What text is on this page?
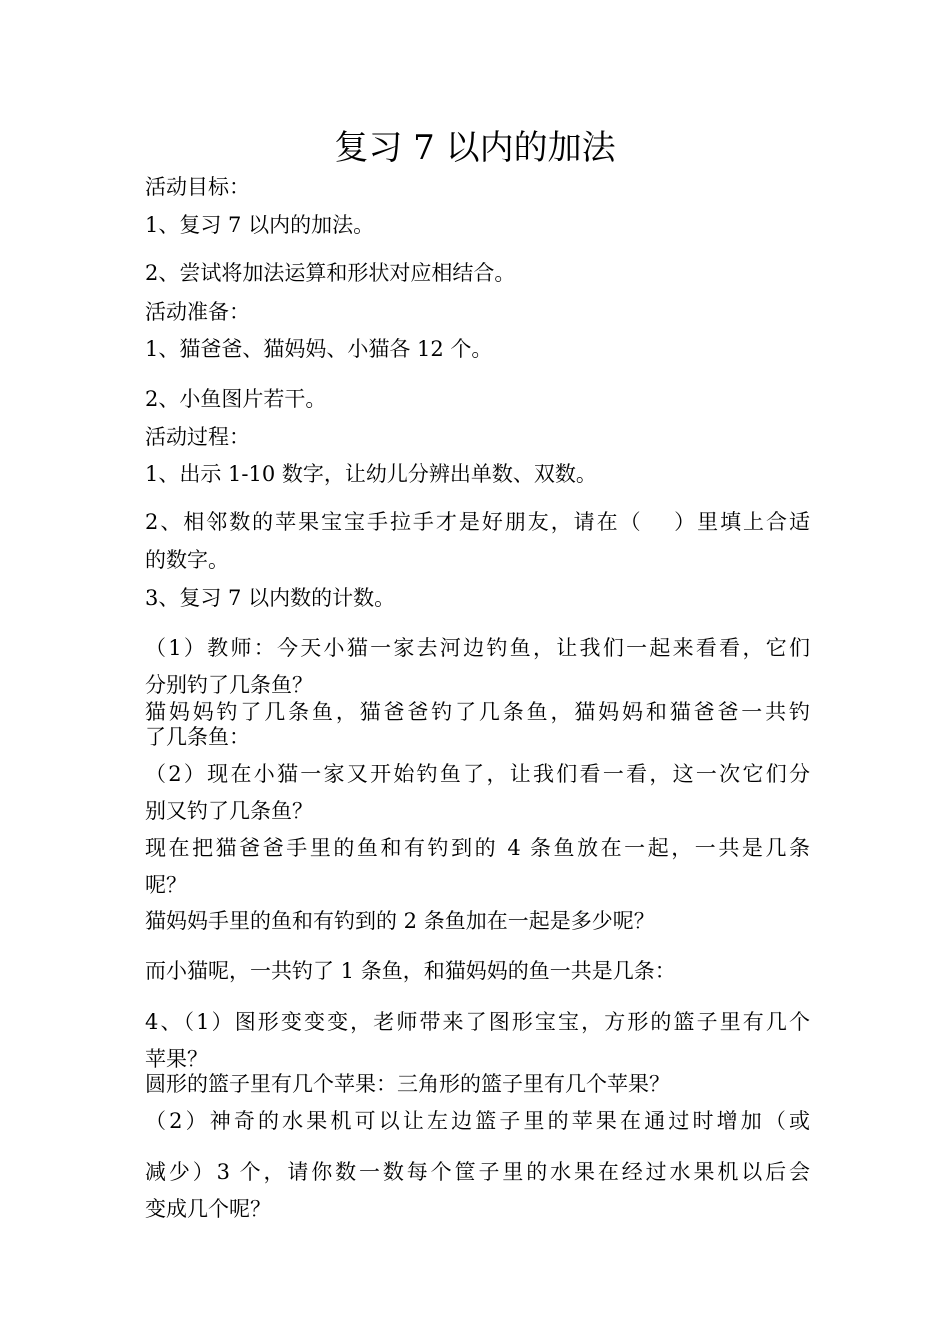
复习 7 以内的加法
活动目标：
1、复习 7 以内的加法。
2、尝试将加法运算和形状对应相结合。
活动准备：
1、猫爸爸、猫妈妈、小猫各 12 个。
2、小鱼图片若干。
活动过程：
1、出示 1-10 数字，让幼儿分辨出单数、双数。
2、相邻数的苹果宝宝手拉手才是好朋友，请在（　 ）里填上合适
的数字。
3、复习 7 以内数的计数。
（1）教师：今天小猫一家去河边钓鱼，让我们一起来看看，它们
分别钓了几条鱼？
猫妈妈钓了几条鱼，猫爸爸钓了几条鱼，猫妈妈和猫爸爸一共钓
了几条鱼：
（2）现在小猫一家又开始钓鱼了，让我们看一看，这一次它们分
别又钓了几条鱼？
现在把猫爸爸手里的鱼和有钓到的 4 条鱼放在一起，一共是几条
呢？
猫妈妈手里的鱼和有钓到的 2 条鱼加在一起是多少呢？
而小猫呢，一共钓了 1 条鱼，和猫妈妈的鱼一共是几条：
4、（1）图形变变变，老师带来了图形宝宝，方形的篮子里有几个
苹果？
圆形的篮子里有几个苹果：三角形的篮子里有几个苹果？
（2）神奇的水果机可以让左边篮子里的苹果在通过时增加（或
减少）3 个，请你数一数每个筐子里的水果在经过水果机以后会
变成几个呢？
